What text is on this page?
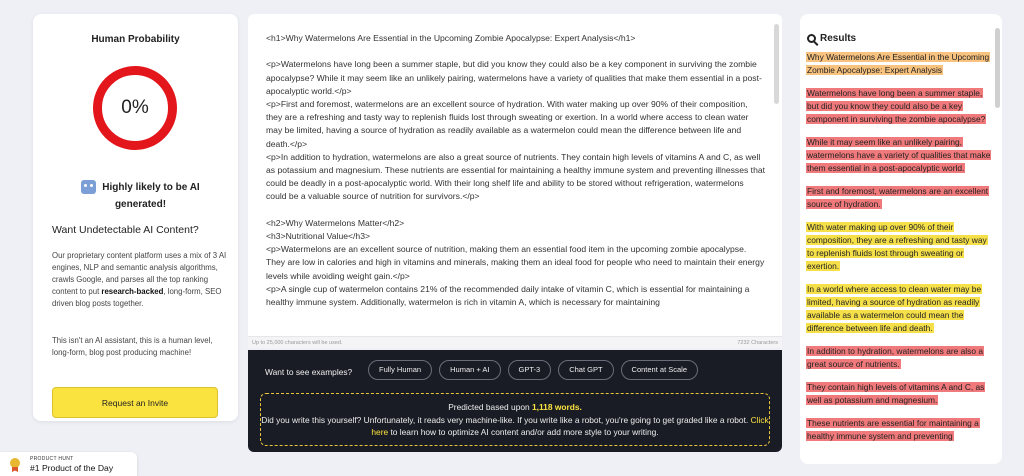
Human Probability
0%
Highly likely to be AI generated!
Want Undetectable AI Content?
Our proprietary content platform uses a mix of 3 AI engines, NLP and semantic analysis algorithms, crawls Google, and parses all the top ranking content to put research-backed, long-form, SEO driven blog posts together.
This isn't an AI assistant, this is a human level, long-form, blog post producing machine!
Request an Invite
<h1>Why Watermelons Are Essential in the Upcoming Zombie Apocalypse: Expert Analysis</h1>

<p>Watermelons have long been a summer staple, but did you know they could also be a key component in surviving the zombie apocalypse? While it may seem like an unlikely pairing, watermelons have a variety of qualities that make them essential in a post-apocalyptic world.</p>
<p>First and foremost, watermelons are an excellent source of hydration. With water making up over 90% of their composition, they are a refreshing and tasty way to replenish fluids lost through sweating or exertion. In a world where access to clean water may be limited, having a source of hydration as readily available as a watermelon could mean the difference between life and death.</p>
<p>In addition to hydration, watermelons are also a great source of nutrients. They contain high levels of vitamins A and C, as well as potassium and magnesium. These nutrients are essential for maintaining a healthy immune system and preventing illnesses that could be deadly in a post-apocalyptic world. With their long shelf life and ability to be stored without refrigeration, watermelons could be a valuable source of nutrition for survivors.</p>

<h2>Why Watermelons Matter</h2>
<h3>Nutritional Value</h3>
<p>Watermelons are an excellent source of nutrition, making them an essential food item in the upcoming zombie apocalypse. They are low in calories and high in vitamins and minerals, making them an ideal food for people who need to maintain their energy levels while avoiding weight gain.</p>
<p>A single cup of watermelon contains 21% of the recommended daily intake of vitamin C, which is essential for maintaining a healthy immune system. Additionally, watermelon is rich in vitamin A, which is necessary for maintaining
Up to 25,000 characters will be used.	7232 Characters
Want to see examples?	Fully Human	Human + AI	GPT-3	Chat GPT	Content at Scale
Predicted based upon 1,118 words.
Did you write this yourself? Unfortunately, it reads very machine-like. If you write like a robot, you're going to get graded like a robot. Click here to learn how to optimize AI content and/or add more style to your writing.
Results
Why Watermelons Are Essential in the Upcoming Zombie Apocalypse: Expert Analysis
Watermelons have long been a summer staple, but did you know they could also be a key component in surviving the zombie apocalypse?
While it may seem like an unlikely pairing, watermelons have a variety of qualities that make them essential in a post-apocalyptic world.
First and foremost, watermelons are an excellent source of hydration.
With water making up over 90% of their composition, they are a refreshing and tasty way to replenish fluids lost through sweating or exertion.
In a world where access to clean water may be limited, having a source of hydration as readily available as a watermelon could mean the difference between life and death.
In addition to hydration, watermelons are also a great source of nutrients.
They contain high levels of vitamins A and C, as well as potassium and magnesium.
These nutrients are essential for maintaining a healthy immune system and preventing
PRODUCT HUNT
#1 Product of the Day
